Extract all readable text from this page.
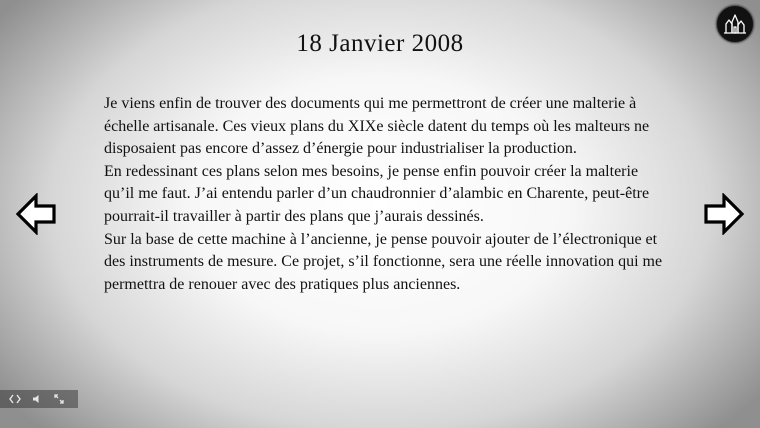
18 Janvier 2008

Je viens enfin de trouver des documents qui me permettront de créer une malterie à échelle artisanale. Ces vieux plans du XIXe siècle datent du temps où les malteurs ne disposaient pas encore d’assez d’énergie pour industrialiser la production.

En redessinant ces plans selon mes besoins, je pense enfin pouvoir créer la malterie qu’il me faut. J’ai entendu parler d’un chaudronnier d’alambic en Charente, peut-être pourrait-il travailler à partir des plans que j’aurais dessinés.

Sur la base de cette machine à l’ancienne, je pense pouvoir ajouter de l’électronique et des instruments de mesure. Ce projet, s’il fonctionne, sera une réelle innovation qui me permettra de renouer avec des pratiques plus anciennes.
